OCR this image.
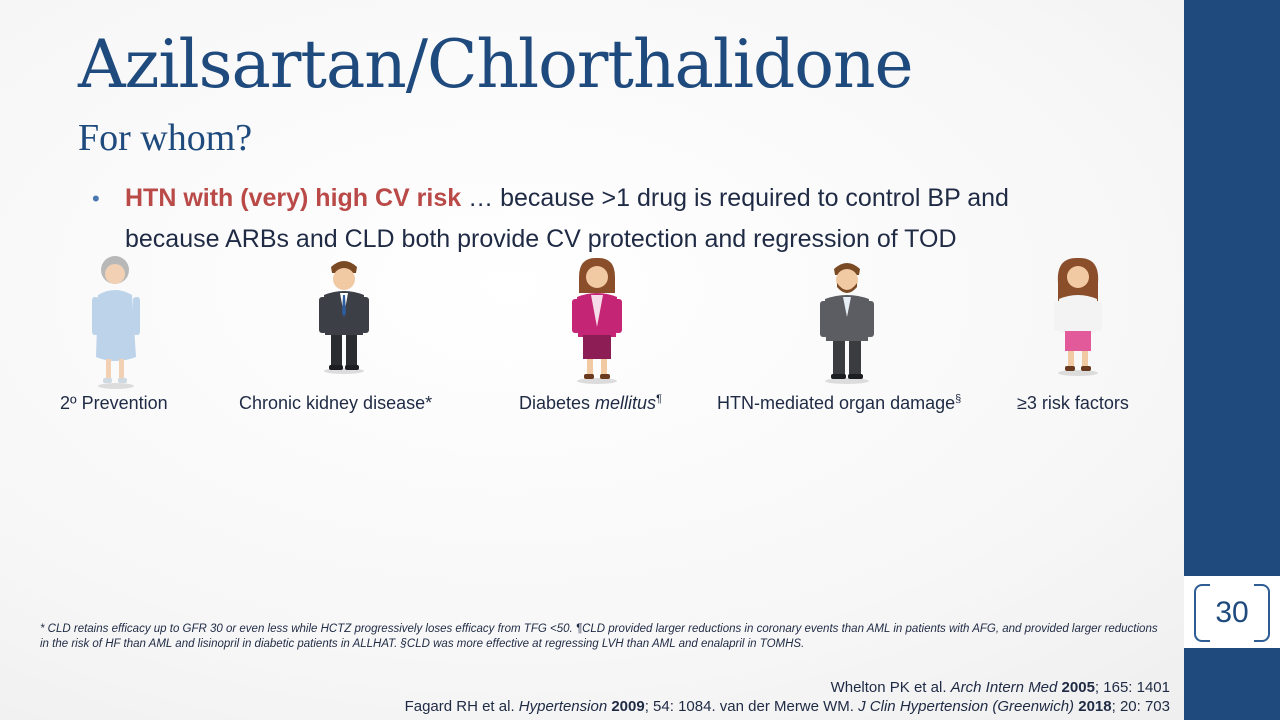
30
Azilsartan/Chlorthalidone
For whom?
• HTN with (very) high CV risk … because >1 drug is required to control BP and because ARBs and CLD both provide CV protection and regression of TOD
2º Prevention	Chronic kidney disease*	Diabetes mellitus¶	HTN-mediated organ damage§	≥3 risk factors
* CLD retains efficacy up to GFR 30 or even less while HCTZ progressively loses efficacy from TFG <50. ¶CLD provided larger reductions in coronary events than AML in patients with AFG, and provided larger reductions in the risk of HF than AML and lisinopril in diabetic patients in ALLHAT. §CLD was more effective at regressing LVH than AML and enalapril in TOMHS.
Whelton PK et al. Arch Intern Med 2005; 165: 1401
Fagard RH et al. Hypertension 2009; 54: 1084. van der Merwe WM. J Clin Hypertension (Greenwich) 2018; 20: 703
